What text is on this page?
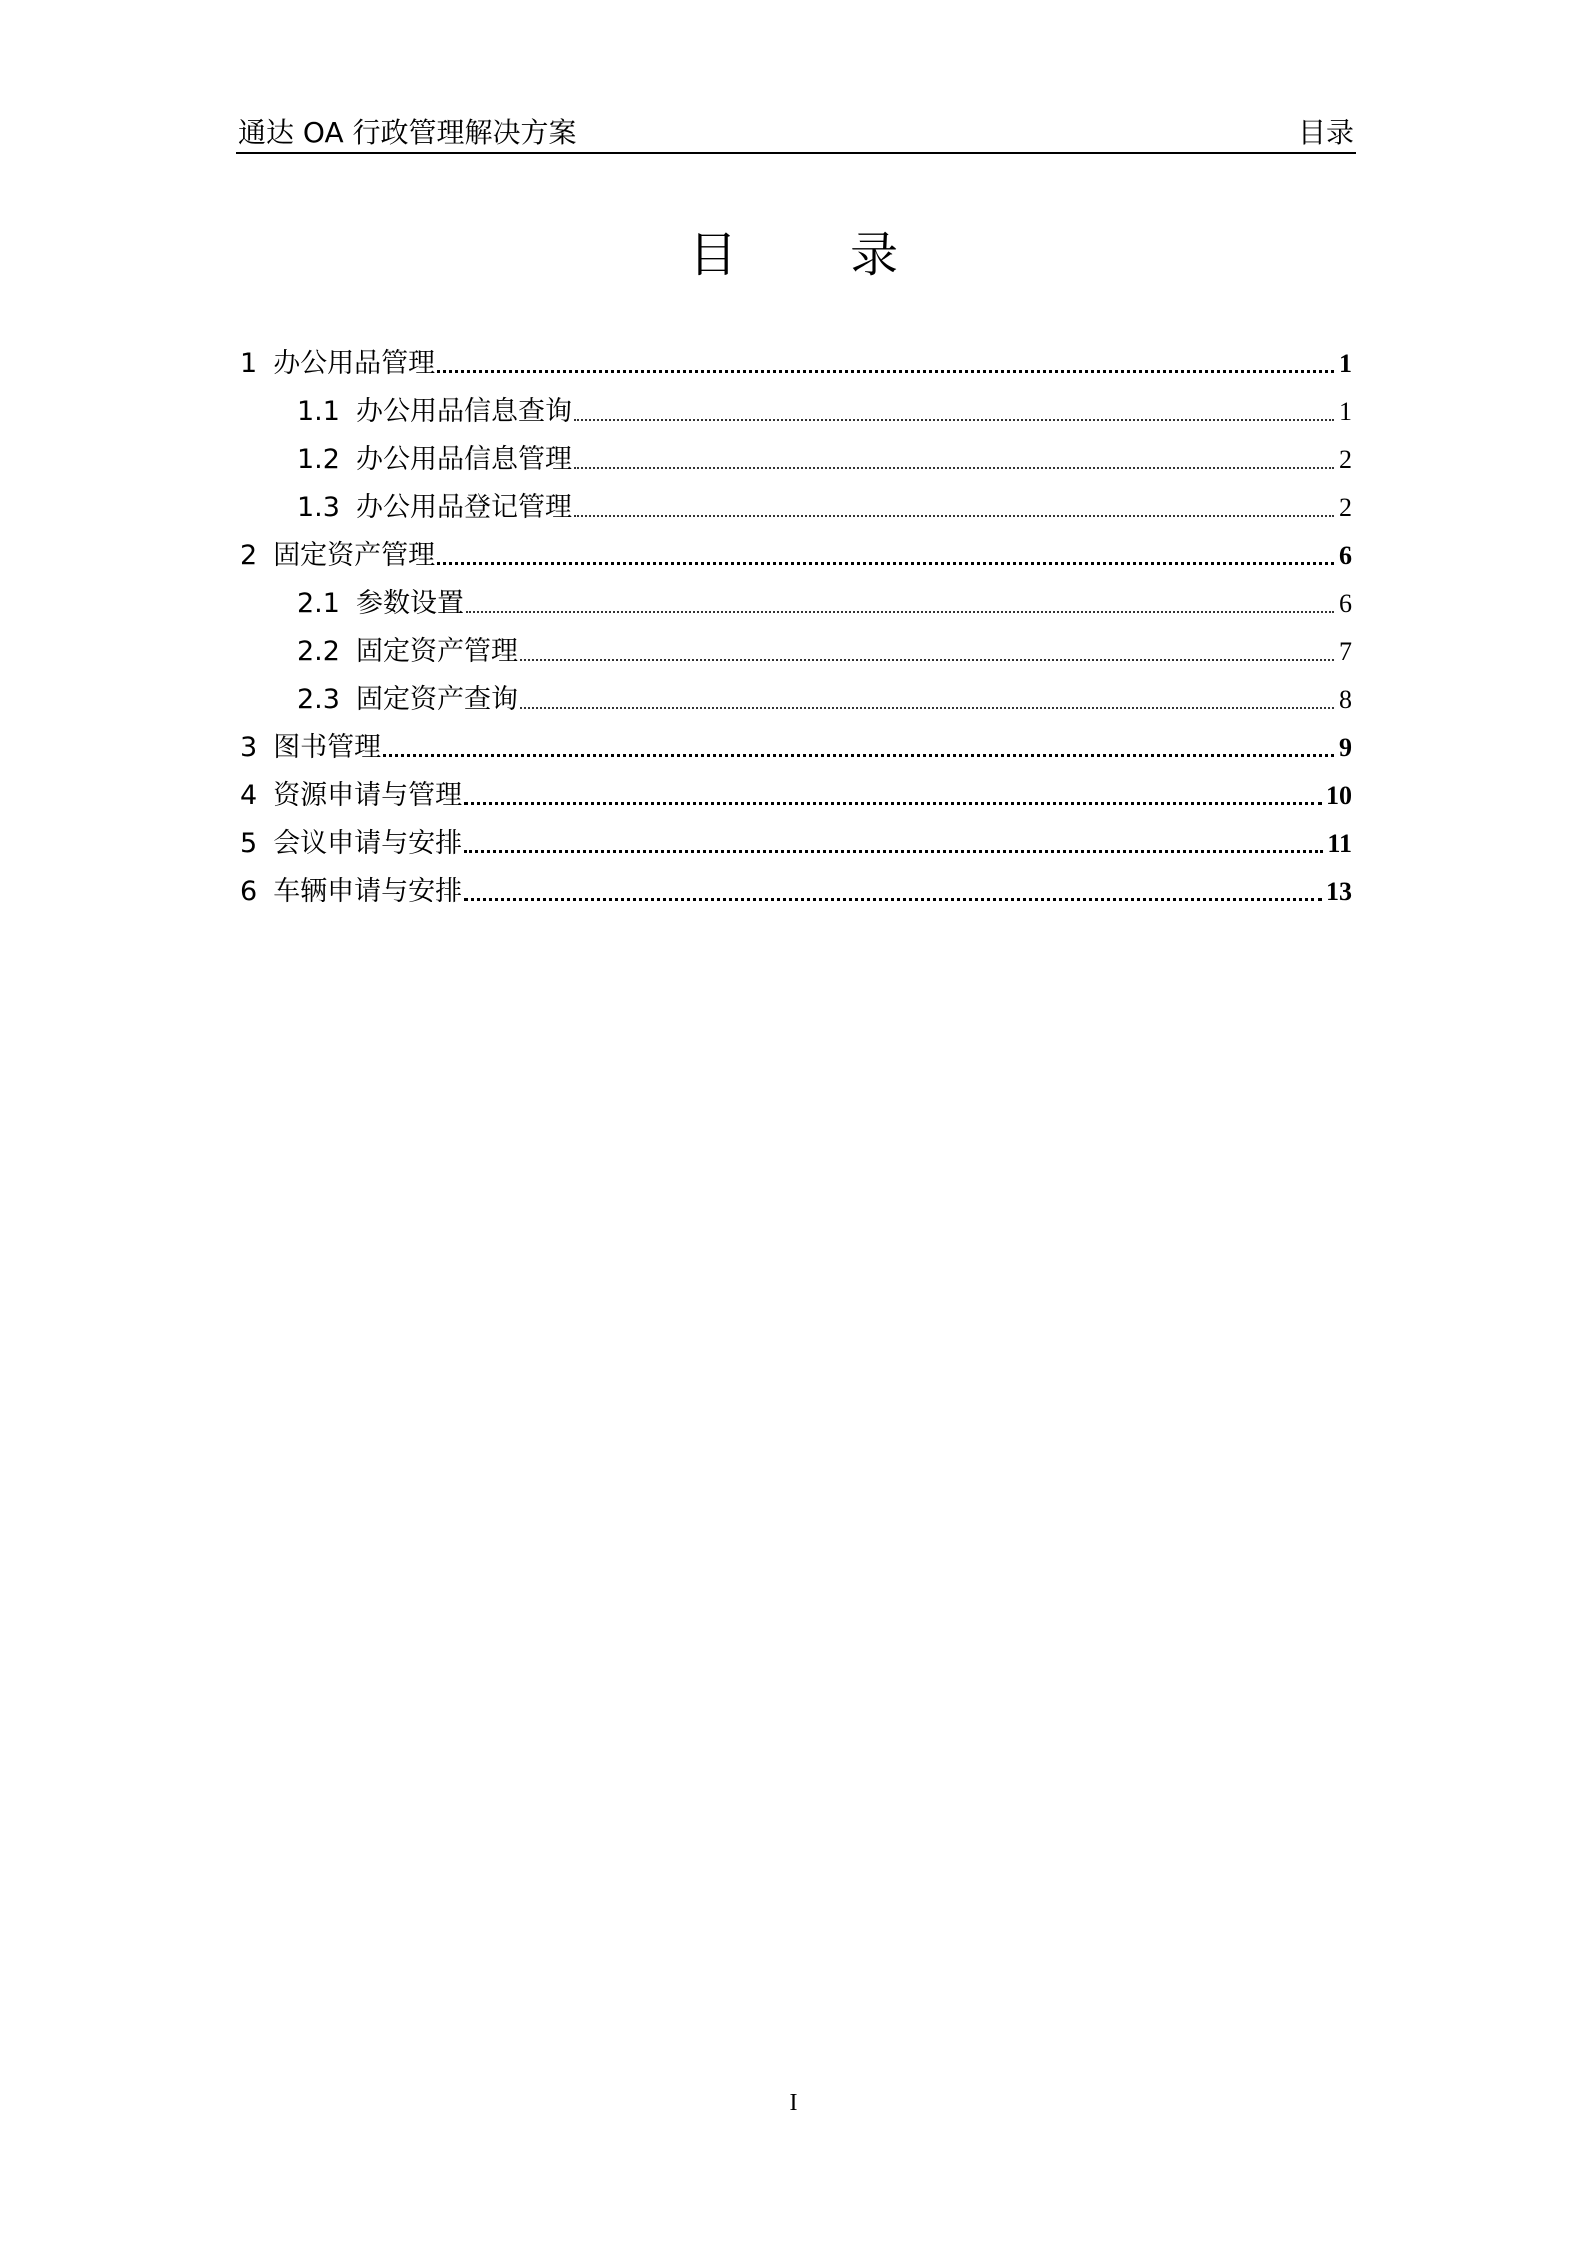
通达 OA 行政管理解决方案	目录
目　　 录
1 办公用品管理	1
1.1 办公用品信息查询	1
1.2 办公用品信息管理	2
1.3 办公用品登记管理	2
2 固定资产管理	6
2.1 参数设置	6
2.2 固定资产管理	7
2.3 固定资产查询	8
3 图书管理	9
4 资源申请与管理	10
5 会议申请与安排	11
6 车辆申请与安排	13
I
